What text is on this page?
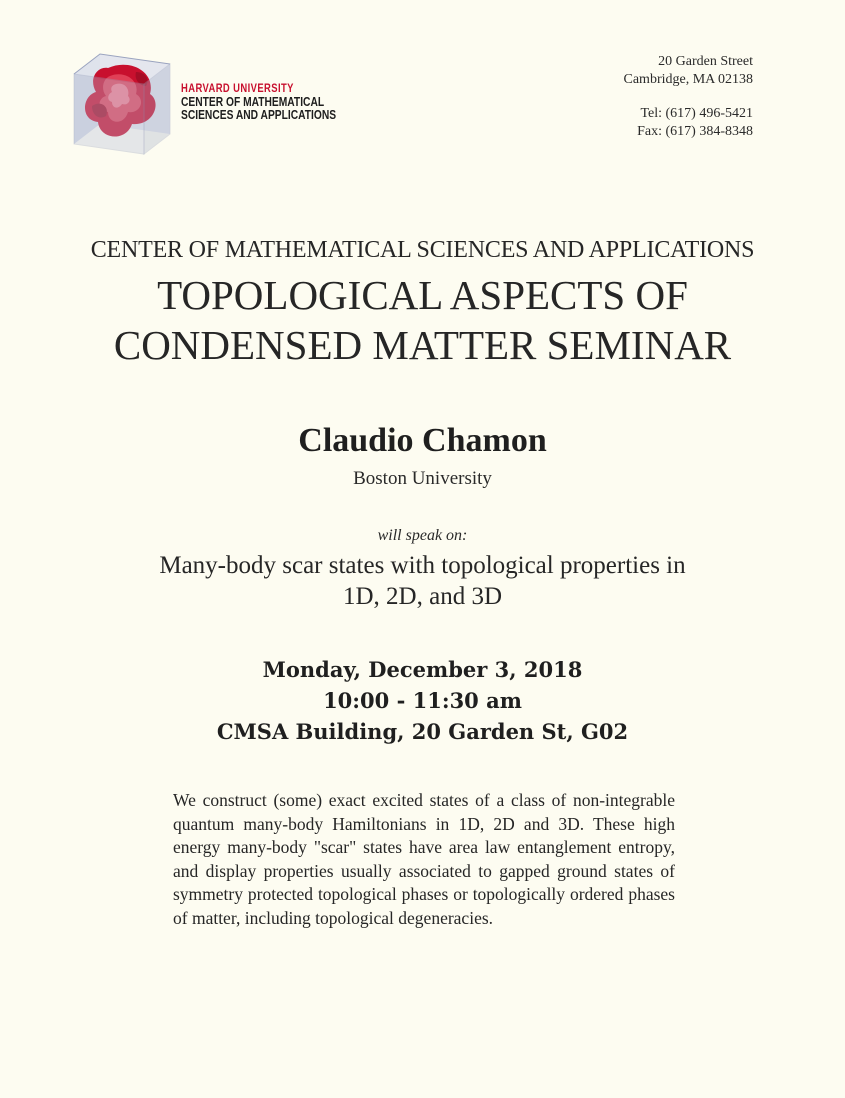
HARVARD UNIVERSITY
CENTER OF MATHEMATICAL
SCIENCES AND APPLICATIONS
20 Garden Street
Cambridge, MA 02138
Tel: (617) 496-5421
Fax: (617) 384-8348
CENTER OF MATHEMATICAL SCIENCES AND APPLICATIONS
TOPOLOGICAL ASPECTS OF
CONDENSED MATTER SEMINAR
Claudio Chamon
Boston University
will speak on:
Many-body scar states with topological properties in
1D, 2D, and 3D
Monday, December 3, 2018
10:00 - 11:30 am
CMSA Building, 20 Garden St, G02
We construct (some) exact excited states of a class of non-integrable quantum many-body Hamiltonians in 1D, 2D and 3D. These high energy many-body "scar" states have area law entanglement entropy, and display properties usually associated to gapped ground states of symmetry protected topological phases or topologically ordered phases of matter, including topological degeneracies.
